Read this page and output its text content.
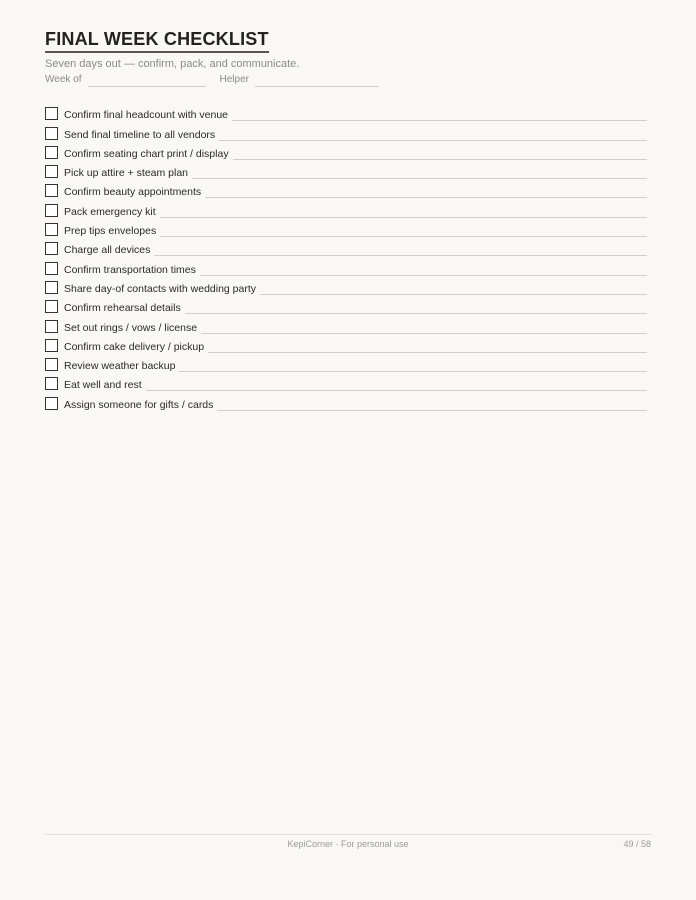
FINAL WEEK CHECKLIST
Seven days out — confirm, pack, and communicate.
Week of	Helper
Confirm final headcount with venue
Send final timeline to all vendors
Confirm seating chart print / display
Pick up attire + steam plan
Confirm beauty appointments
Pack emergency kit
Prep tips envelopes
Charge all devices
Confirm transportation times
Share day-of contacts with wedding party
Confirm rehearsal details
Set out rings / vows / license
Confirm cake delivery / pickup
Review weather backup
Eat well and rest
Assign someone for gifts / cards
KepiCorner · For personal use	49 / 58
